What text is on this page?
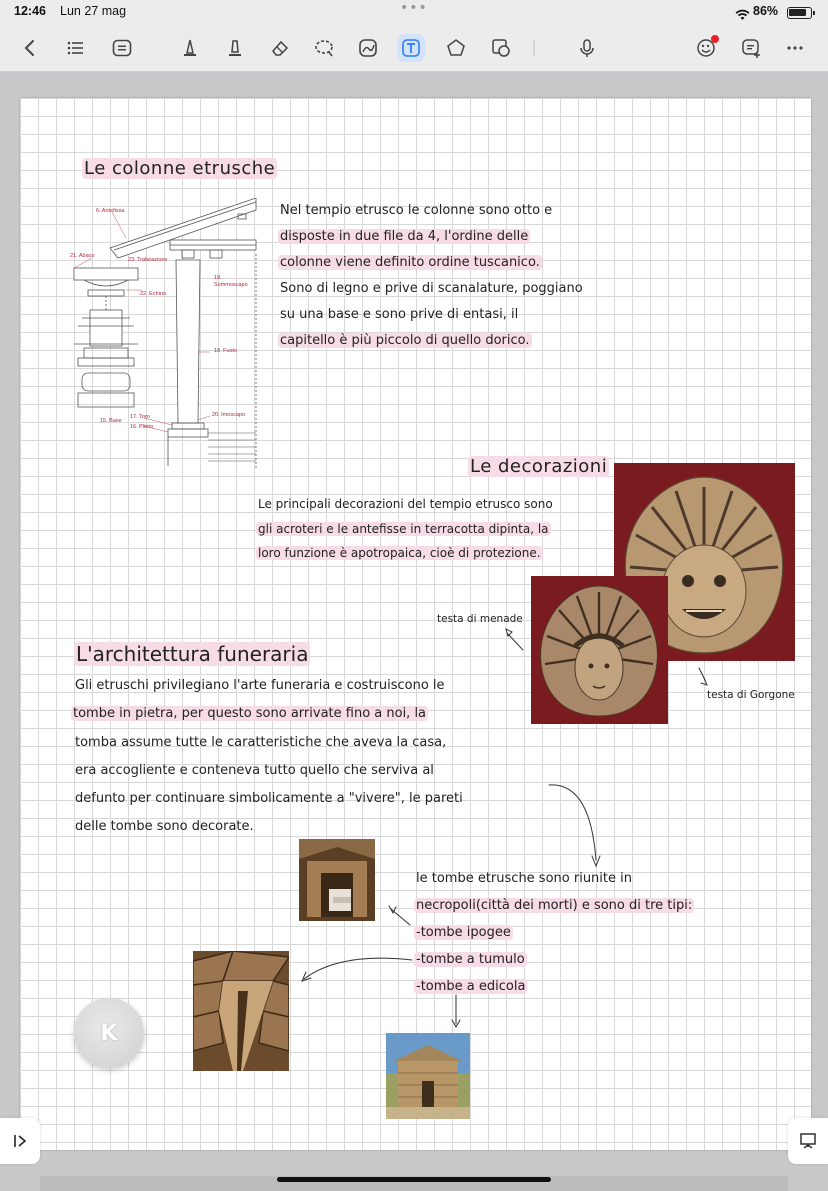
12:46 Lun 27 mag	•••	86%
Le colonne etrusche
6. Antefissa
21. Abaco
23. Trabeazione
19.
Sommoscapo
22. Echino
18. Fusto
17. Toro
15. Base
16. Plinto
20. Imoscapo
Nel tempio etrusco le colonne sono otto e
disposte in due file da 4, l'ordine delle
colonne viene definito ordine tuscanico.
Sono di legno e prive di scanalature, poggiano
su una base e sono prive di entasi, il
capitello è più piccolo di quello dorico.
Le decorazioni
Le principali decorazioni del tempio etrusco sono
gli acroteri e le antefisse in terracotta dipinta, la
loro funzione è apotropaica, cioè di protezione.
testa di menade
testa di Gorgone
L'architettura funeraria
Gli etruschi privilegiano l'arte funeraria e costruiscono le
tombe in pietra, per questo sono arrivate fino a noi, la
tomba assume tutte le caratteristiche che aveva la casa,
era accogliente e conteneva tutto quello che serviva al
defunto per continuare simbolicamente a "vivere", le pareti
delle tombe sono decorate.
le tombe etrusche sono riunite in
necropoli(città dei morti) e sono di tre tipi:
-tombe ipogee
-tombe a tumulo
-tombe a edicola
K
